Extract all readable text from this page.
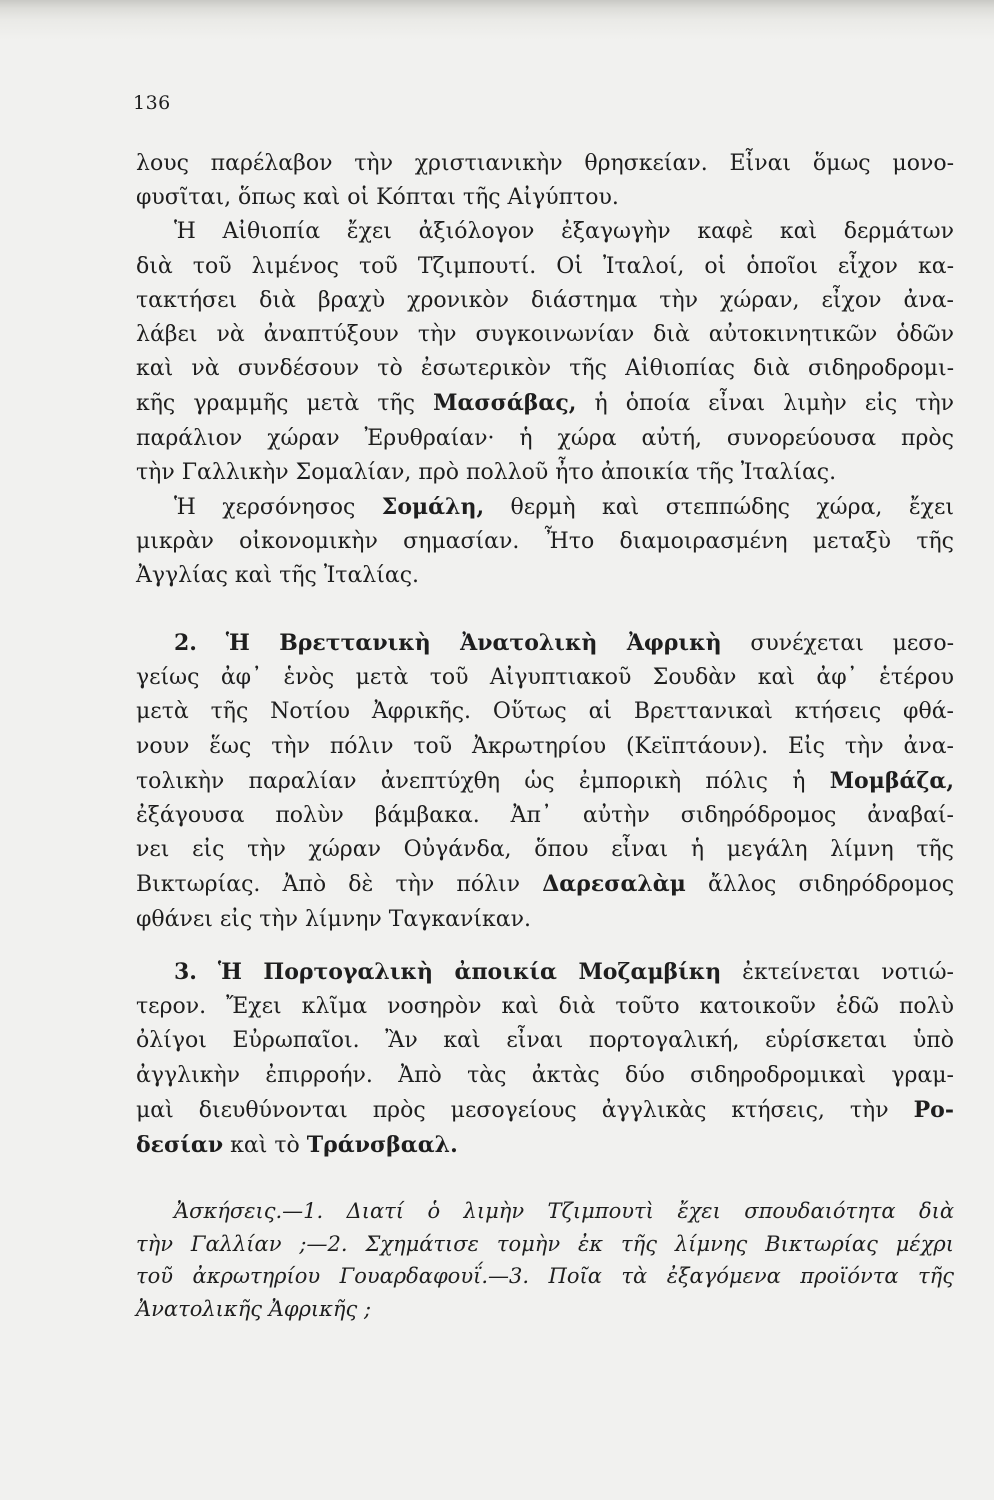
136
λους παρέλαβον τὴν χριστιανικὴν θρησκείαν. Εἶναι ὅμως μονο-
φυσῖται, ὅπως καὶ οἱ Κόπται τῆς Αἰγύπτου.
Ἡ Αἰθιοπία ἔχει ἀξιόλογον ἐξαγωγὴν καφὲ καὶ δερμάτων
διὰ τοῦ λιμένος τοῦ Τζιμπουτί. Οἱ Ἰταλοί, οἱ ὁποῖοι εἶχον κα-
τακτήσει διὰ βραχὺ χρονικὸν διάστημα τὴν χώραν, εἶχον ἀνα-
λάβει νὰ ἀναπτύξουν τὴν συγκοινωνίαν διὰ αὐτοκινητικῶν ὁδῶν
καὶ νὰ συνδέσουν τὸ ἐσωτερικὸν τῆς Αἰθιοπίας διὰ σιδηροδρομι-
κῆς γραμμῆς μετὰ τῆς Μασσάβας, ἡ ὁποία εἶναι λιμὴν εἰς τὴν
παράλιον χώραν Ἐρυθραίαν· ἡ χώρα αὐτή, συνορεύουσα πρὸς
τὴν Γαλλικὴν Σομαλίαν, πρὸ πολλοῦ ἦτο ἀποικία τῆς Ἰταλίας.
Ἡ χερσόνησος Σομάλη, θερμὴ καὶ στεππώδης χώρα, ἔχει
μικρὰν οἰκονομικὴν σημασίαν. Ἦτο διαμοιρασμένη μεταξὺ τῆς
Ἀγγλίας καὶ τῆς Ἰταλίας.
2. Ἡ Βρεττανικὴ Ἀνατολικὴ Ἀφρικὴ συνέχεται μεσο-
γείως ἀφ᾽ ἑνὸς μετὰ τοῦ Αἰγυπτιακοῦ Σουδὰν καὶ ἀφ᾽ ἑτέρου
μετὰ τῆς Νοτίου Ἀφρικῆς. Οὕτως αἱ Βρεττανικαὶ κτήσεις φθά-
νουν ἕως τὴν πόλιν τοῦ Ἀκρωτηρίου (Κεϊπτάουν). Εἰς τὴν ἀνα-
τολικὴν παραλίαν ἀνεπτύχθη ὡς ἐμπορικὴ πόλις ἡ Μομβάζα,
ἐξάγουσα πολὺν βάμβακα. Ἀπ᾽ αὐτὴν σιδηρόδρομος ἀναβαί-
νει εἰς τὴν χώραν Οὐγάνδα, ὅπου εἶναι ἡ μεγάλη λίμνη τῆς
Βικτωρίας. Ἀπὸ δὲ τὴν πόλιν Δαρεσαλὰμ ἄλλος σιδηρόδρομος
φθάνει εἰς τὴν λίμνην Ταγκανίκαν.
3. Ἡ Πορτογαλικὴ ἀποικία Μοζαμβίκη ἐκτείνεται νοτιώ-
τερον. Ἔχει κλῖμα νοσηρὸν καὶ διὰ τοῦτο κατοικοῦν ἐδῶ πολὺ
ὀλίγοι Εὐρωπαῖοι. Ἂν καὶ εἶναι πορτογαλική, εὑρίσκεται ὑπὸ
ἀγγλικὴν ἐπιρροήν. Ἀπὸ τὰς ἀκτὰς δύο σιδηροδρομικαὶ γραμ-
μαὶ διευθύνονται πρὸς μεσογείους ἀγγλικὰς κτήσεις, τὴν Ρο-
δεσίαν καὶ τὸ Τράνσβααλ.
Ἀσκήσεις.—1. Διατί ὁ λιμὴν Τζιμπουτὶ ἔχει σπουδαιότητα διὰ
τὴν Γαλλίαν ;—2. Σχημάτισε τομὴν ἐκ τῆς λίμνης Βικτωρίας μέχρι
τοῦ ἀκρωτηρίου Γουαρδαφουΐ.—3. Ποῖα τὰ ἐξαγόμενα προϊόντα τῆς
Ἀνατολικῆς Ἀφρικῆς ;
